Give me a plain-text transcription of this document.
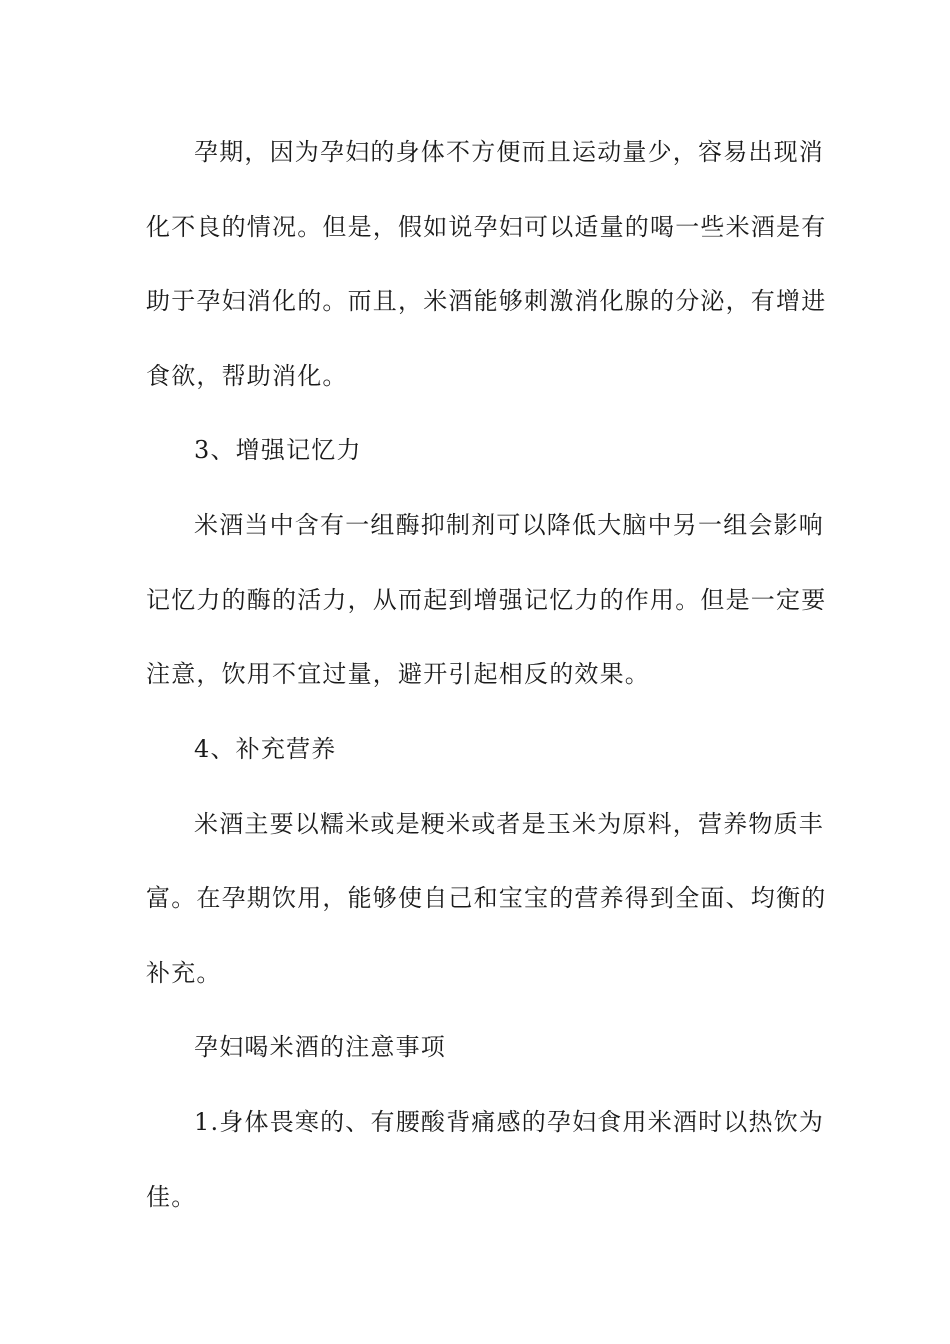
孕期，因为孕妇的身体不方便而且运动量少，容易出现消
化不良的情况。但是，假如说孕妇可以适量的喝一些米酒是有
助于孕妇消化的。而且，米酒能够刺激消化腺的分泌，有增进
食欲，帮助消化。
3、增强记忆力
米酒当中含有一组酶抑制剂可以降低大脑中另一组会影响
记忆力的酶的活力，从而起到增强记忆力的作用。但是一定要
注意，饮用不宜过量，避开引起相反的效果。
4、补充营养
米酒主要以糯米或是粳米或者是玉米为原料，营养物质丰
富。在孕期饮用，能够使自己和宝宝的营养得到全面、均衡的
补充。
孕妇喝米酒的注意事项
1.身体畏寒的、有腰酸背痛感的孕妇食用米酒时以热饮为
佳。
